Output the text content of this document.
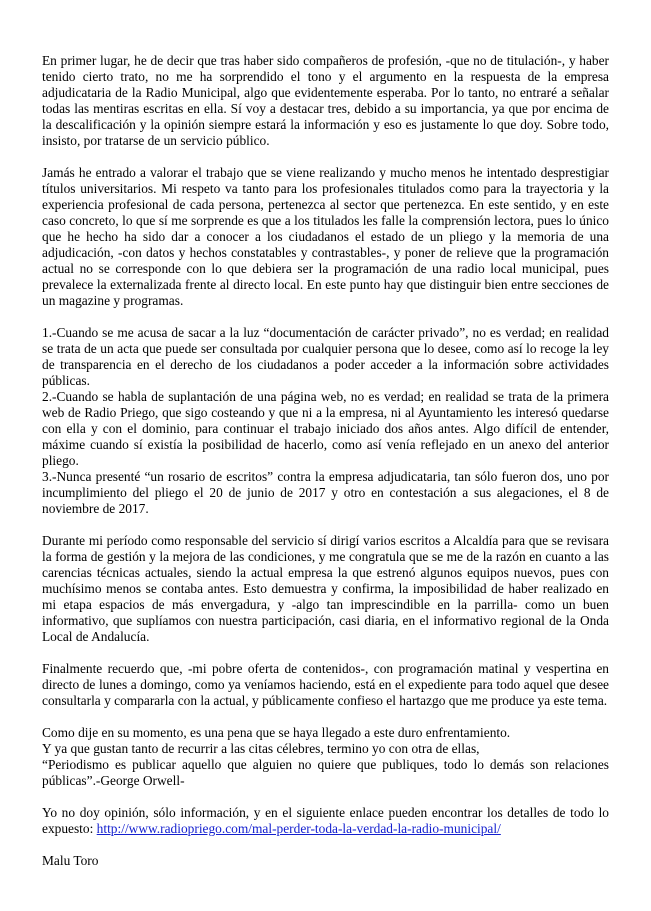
En primer lugar, he de decir que tras haber sido compañeros de profesión, -que no de titulación-, y haber tenido cierto trato, no me ha sorprendido el tono y el argumento en la respuesta de la empresa adjudicataria de la Radio Municipal, algo que evidentemente esperaba. Por lo tanto, no entraré a señalar todas las mentiras escritas en ella. Sí voy a destacar tres, debido a su importancia, ya que por encima de la descalificación y la opinión siempre estará la información y eso es justamente lo que doy. Sobre todo, insisto, por tratarse de un servicio público.

Jamás he entrado a valorar el trabajo que se viene realizando y mucho menos he intentado desprestigiar títulos universitarios. Mi respeto va tanto para los profesionales titulados como para la trayectoria y la experiencia profesional de cada persona, pertenezca al sector que pertenezca. En este sentido, y en este caso concreto, lo que sí me sorprende es que a los titulados les falle la comprensión lectora, pues lo único que he hecho ha sido dar a conocer a los ciudadanos el estado de un pliego y la memoria de una adjudicación, -con datos y hechos constatables y contrastables-, y poner de relieve que la programación actual no se corresponde con lo que debiera ser la programación de una radio local municipal, pues prevalece la externalizada frente al directo local. En este punto hay que distinguir bien entre secciones de un magazine y programas.

1.-Cuando se me acusa de sacar a la luz “documentación de carácter privado”, no es verdad; en realidad se trata de un acta que puede ser consultada por cualquier persona que lo desee, como así lo recoge la ley de transparencia en el derecho de los ciudadanos a poder acceder a la información sobre actividades públicas.
2.-Cuando se habla de suplantación de una página web, no es verdad; en realidad se trata de la primera web de Radio Priego, que sigo costeando y que ni a la empresa, ni al Ayuntamiento les interesó quedarse con ella y con el dominio, para continuar el trabajo iniciado dos años antes. Algo difícil de entender, máxime cuando sí existía la posibilidad de hacerlo, como así venía reflejado en un anexo del anterior pliego.
3.-Nunca presenté “un rosario de escritos” contra la empresa adjudicataria, tan sólo fueron dos, uno por incumplimiento del pliego el 20 de junio de 2017 y otro en contestación a sus alegaciones, el 8 de noviembre de 2017.

Durante mi período como responsable del servicio sí dirigí varios escritos a Alcaldía para que se revisara la forma de gestión y la mejora de las condiciones, y me congratula que se me de la razón en cuanto a las carencias técnicas actuales, siendo la actual empresa la que estrenó algunos equipos nuevos, pues con muchísimo menos se contaba antes. Esto demuestra y confirma, la imposibilidad de haber realizado en mi etapa espacios de más envergadura, y -algo tan imprescindible en la parrilla- como un buen informativo, que suplíamos con nuestra participación, casi diaria, en el informativo regional de la Onda Local de Andalucía.

Finalmente recuerdo que, -mi pobre oferta de contenidos-, con programación matinal y vespertina en directo de lunes a domingo, como ya veníamos haciendo, está en el expediente para todo aquel que desee consultarla y compararla con la actual, y públicamente confieso el hartazgo que me produce ya este tema.

Como dije en su momento, es una pena que se haya llegado a este duro enfrentamiento.
Y ya que gustan tanto de recurrir a las citas célebres, termino yo con otra de ellas,
“Periodismo es publicar aquello que alguien no quiere que publiques, todo lo demás son relaciones públicas”.-George Orwell-

Yo no doy opinión, sólo información, y en el siguiente enlace pueden encontrar los detalles de todo lo expuesto: http://www.radiopriego.com/mal-perder-toda-la-verdad-la-radio-municipal/

Malu Toro
